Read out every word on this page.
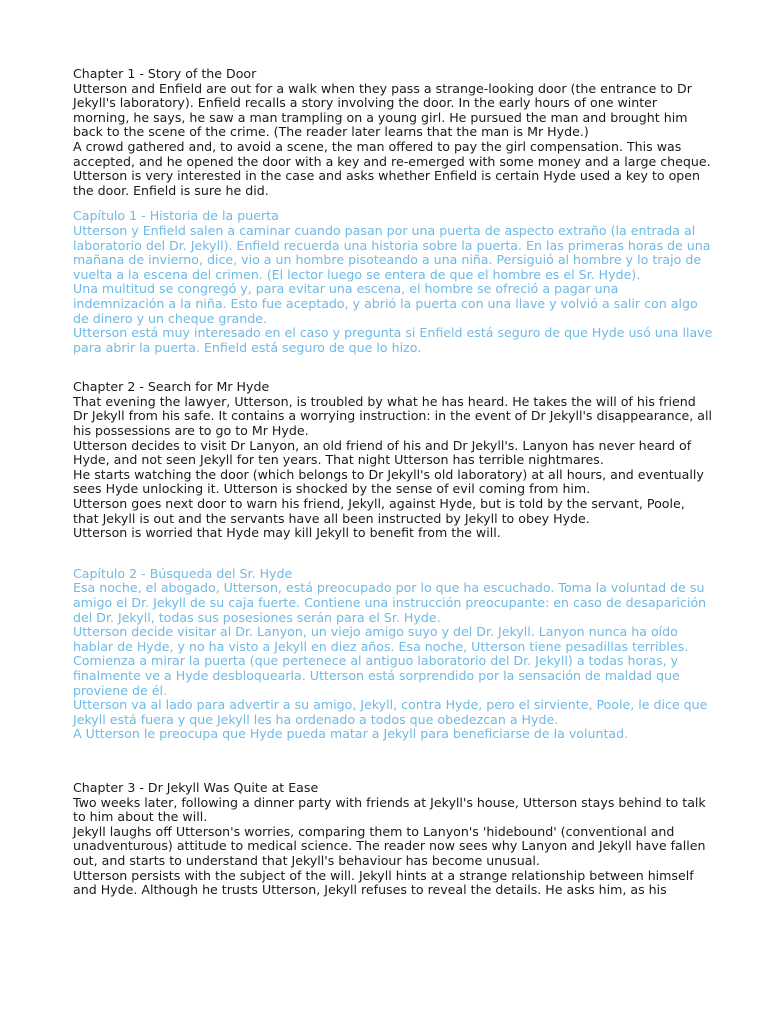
Chapter 1 - Story of the Door

Utterson and Enfield are out for a walk when they pass a strange-looking door (the entrance to Dr Jekyll's laboratory). Enfield recalls a story involving the door. In the early hours of one winter morning, he says, he saw a man trampling on a young girl. He pursued the man and brought him back to the scene of the crime. (The reader later learns that the man is Mr Hyde.)

A crowd gathered and, to avoid a scene, the man offered to pay the girl compensation. This was accepted, and he opened the door with a key and re-emerged with some money and a large cheque.

Utterson is very interested in the case and asks whether Enfield is certain Hyde used a key to open the door. Enfield is sure he did.

Capítulo 1 - Historia de la puerta

Utterson y Enfield salen a caminar cuando pasan por una puerta de aspecto extraño (la entrada al laboratorio del Dr. Jekyll). Enfield recuerda una historia sobre la puerta. En las primeras horas de una mañana de invierno, dice, vio a un hombre pisoteando a una niña. Persiguió al hombre y lo trajo de vuelta a la escena del crimen. (El lector luego se entera de que el hombre es el Sr. Hyde).

Una multitud se congregó y, para evitar una escena, el hombre se ofreció a pagar una indemnización a la niña. Esto fue aceptado, y abrió la puerta con una llave y volvió a salir con algo de dinero y un cheque grande.

Utterson está muy interesado en el caso y pregunta si Enfield está seguro de que Hyde usó una llave para abrir la puerta. Enfield está seguro de que lo hizo.

Chapter 2 - Search for Mr Hyde

That evening the lawyer, Utterson, is troubled by what he has heard. He takes the will of his friend Dr Jekyll from his safe. It contains a worrying instruction: in the event of Dr Jekyll's disappearance, all his possessions are to go to Mr Hyde.

Utterson decides to visit Dr Lanyon, an old friend of his and Dr Jekyll's. Lanyon has never heard of Hyde, and not seen Jekyll for ten years. That night Utterson has terrible nightmares.

He starts watching the door (which belongs to Dr Jekyll's old laboratory) at all hours, and eventually sees Hyde unlocking it. Utterson is shocked by the sense of evil coming from him.

Utterson goes next door to warn his friend, Jekyll, against Hyde, but is told by the servant, Poole, that Jekyll is out and the servants have all been instructed by Jekyll to obey Hyde.

Utterson is worried that Hyde may kill Jekyll to benefit from the will.

Capítulo 2 - Búsqueda del Sr. Hyde

Esa noche, el abogado, Utterson, está preocupado por lo que ha escuchado. Toma la voluntad de su amigo el Dr. Jekyll de su caja fuerte. Contiene una instrucción preocupante: en caso de desaparición del Dr. Jekyll, todas sus posesiones serán para el Sr. Hyde.

Utterson decide visitar al Dr. Lanyon, un viejo amigo suyo y del Dr. Jekyll. Lanyon nunca ha oído hablar de Hyde, y no ha visto a Jekyll en diez años. Esa noche, Utterson tiene pesadillas terribles.

Comienza a mirar la puerta (que pertenece al antiguo laboratorio del Dr. Jekyll) a todas horas, y finalmente ve a Hyde desbloquearla. Utterson está sorprendido por la sensación de maldad que proviene de él.

Utterson va al lado para advertir a su amigo, Jekyll, contra Hyde, pero el sirviente, Poole, le dice que Jekyll está fuera y que Jekyll les ha ordenado a todos que obedezcan a Hyde.

A Utterson le preocupa que Hyde pueda matar a Jekyll para beneficiarse de la voluntad.

Chapter 3 - Dr Jekyll Was Quite at Ease

Two weeks later, following a dinner party with friends at Jekyll's house, Utterson stays behind to talk to him about the will.

Jekyll laughs off Utterson's worries, comparing them to Lanyon's 'hidebound' (conventional and unadventurous) attitude to medical science. The reader now sees why Lanyon and Jekyll have fallen out, and starts to understand that Jekyll's behaviour has become unusual.

Utterson persists with the subject of the will. Jekyll hints at a strange relationship between himself and Hyde. Although he trusts Utterson, Jekyll refuses to reveal the details. He asks him, as his
